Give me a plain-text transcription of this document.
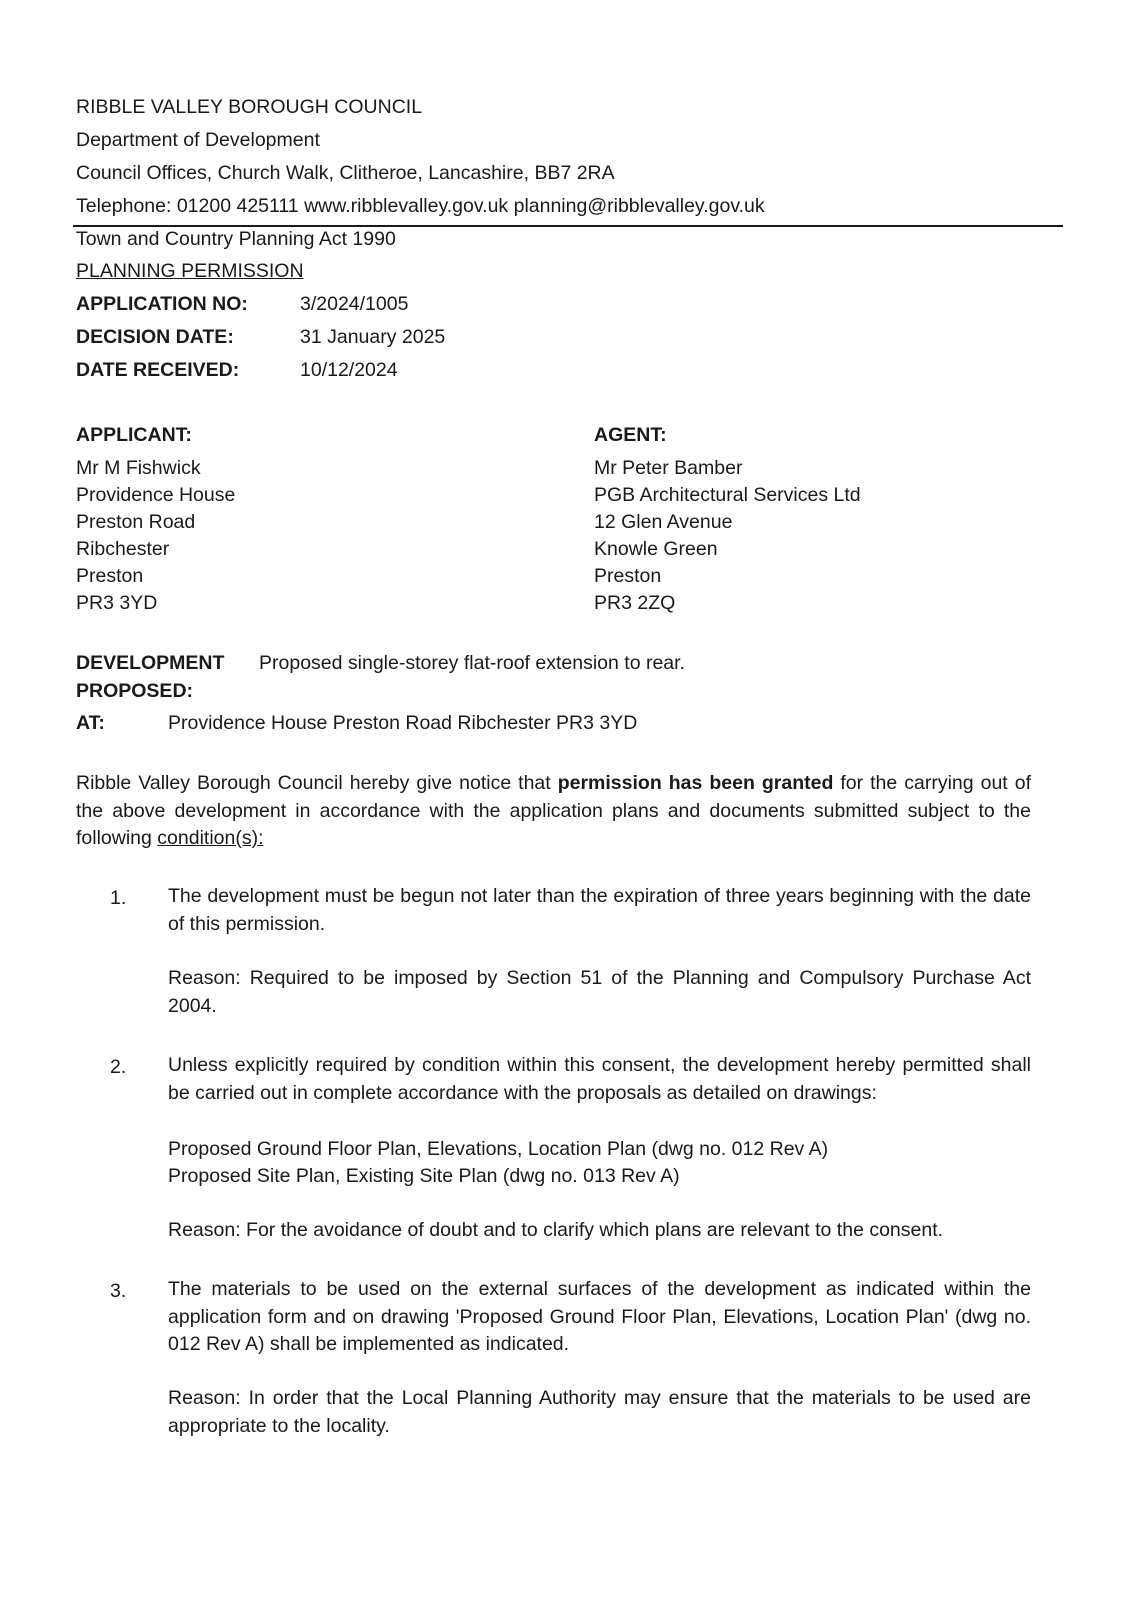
RIBBLE VALLEY BOROUGH COUNCIL
Department of Development
Council Offices, Church Walk, Clitheroe, Lancashire, BB7 2RA
Telephone: 01200 425111 www.ribblevalley.gov.uk planning@ribblevalley.gov.uk
Town and Country Planning Act 1990
PLANNING PERMISSION
APPLICATION NO:	3/2024/1005
DECISION DATE:	31 January 2025
DATE RECEIVED:	10/12/2024
APPLICANT:
Mr M Fishwick
Providence House
Preston Road
Ribchester
Preston
PR3 3YD
AGENT:
Mr Peter Bamber
PGB Architectural Services Ltd
12 Glen Avenue
Knowle Green
Preston
PR3 2ZQ
DEVELOPMENT
PROPOSED:
Proposed single-storey flat-roof extension to rear.
AT:	Providence House Preston Road Ribchester PR3 3YD
Ribble Valley Borough Council hereby give notice that permission has been granted for the carrying out of the above development in accordance with the application plans and documents submitted subject to the following condition(s):
1. The development must be begun not later than the expiration of three years beginning with the date of this permission.
Reason: Required to be imposed by Section 51 of the Planning and Compulsory Purchase Act 2004.
2. Unless explicitly required by condition within this consent, the development hereby permitted shall be carried out in complete accordance with the proposals as detailed on drawings:
Proposed Ground Floor Plan, Elevations, Location Plan (dwg no. 012 Rev A)
Proposed Site Plan, Existing Site Plan (dwg no. 013 Rev A)
Reason: For the avoidance of doubt and to clarify which plans are relevant to the consent.
3. The materials to be used on the external surfaces of the development as indicated within the application form and on drawing 'Proposed Ground Floor Plan, Elevations, Location Plan' (dwg no. 012 Rev A) shall be implemented as indicated.
Reason: In order that the Local Planning Authority may ensure that the materials to be used are appropriate to the locality.
